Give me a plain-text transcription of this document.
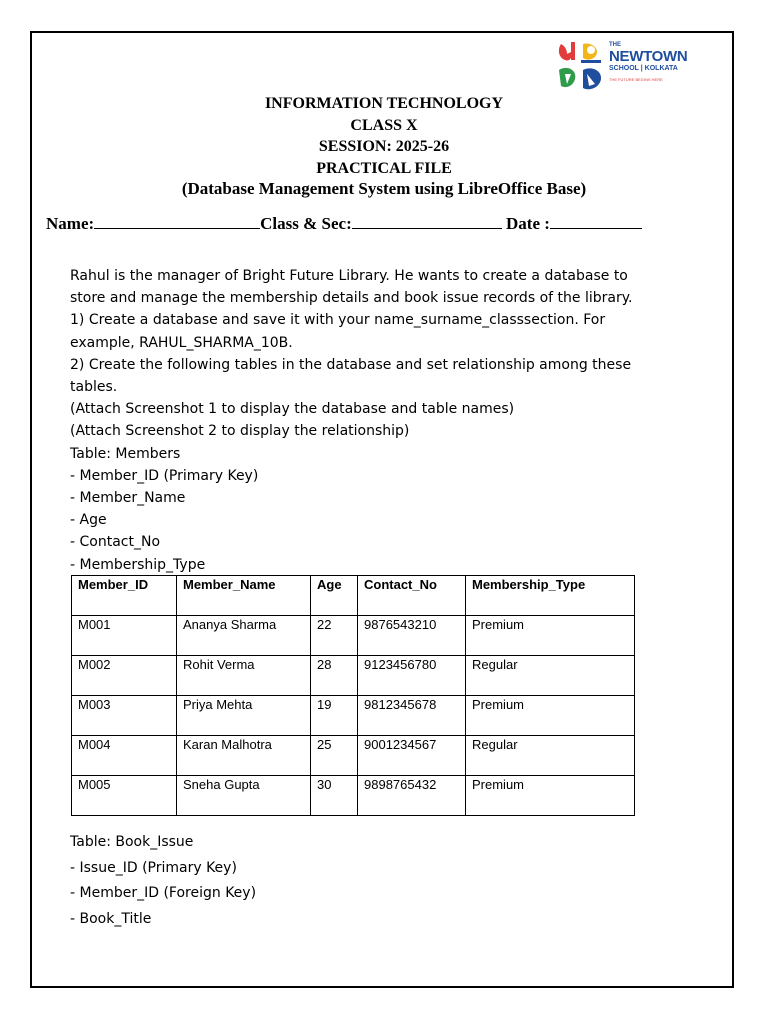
THE
NEWTOWN
SCHOOL | KOLKATA
THE FUTURE BEGINS HERE
INFORMATION TECHNOLOGY
CLASS X
SESSION: 2025-26
PRACTICAL FILE
(Database Management System using LibreOffice Base)
Name:	Class & Sec:	Date :

Rahul is the manager of Bright Future Library. He wants to create a database to

store and manage the membership details and book issue records of the library.

1) Create a database and save it with your name_surname_classsection. For

example, RAHUL_SHARMA_10B.

2) Create the following tables in the database and set relationship among these

tables.

(Attach Screenshot 1 to display the database and table names)

(Attach Screenshot 2 to display the relationship)

Table: Members

- Member_ID (Primary Key)

- Member_Name

- Age

- Contact_No

- Membership_Type

Member_ID	Member_Name	Age	Contact_No	Membership_Type
M001	Ananya Sharma	22	9876543210	Premium
M002	Rohit Verma	28	9123456780	Regular
M003	Priya Mehta	19	9812345678	Premium
M004	Karan Malhotra	25	9001234567	Regular
M005	Sneha Gupta	30	9898765432	Premium

Table: Book_Issue

- Issue_ID (Primary Key)

- Member_ID (Foreign Key)

- Book_Title
